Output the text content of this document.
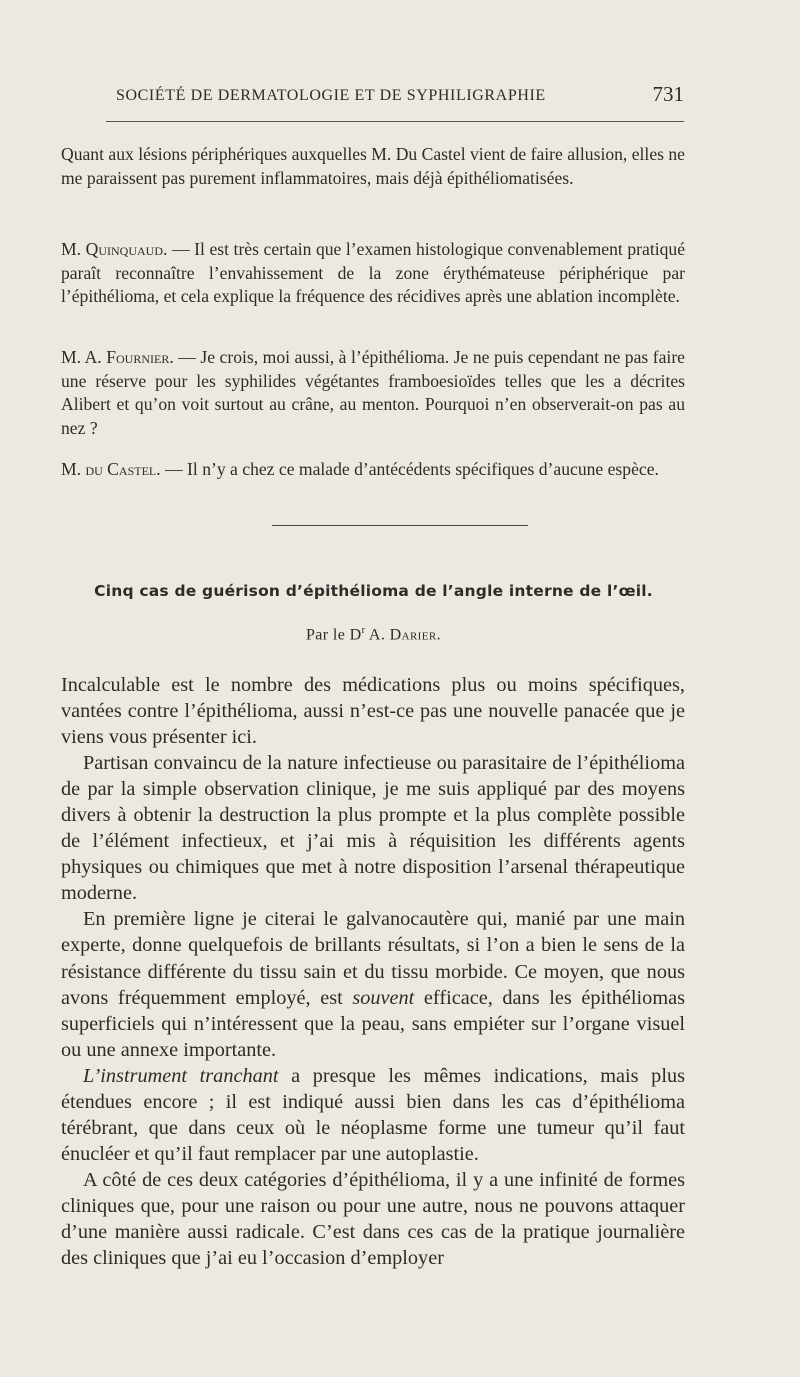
SOCIÉTÉ DE DERMATOLOGIE ET DE SYPHILIGRAPHIE	731

Quant aux lésions périphériques auxquelles M. Du Castel vient de faire allusion, elles ne me paraissent pas purement inflammatoires, mais déjà épithéliomatisées.

M. Quinquaud. — Il est très certain que l’examen histologique convenablement pratiqué paraît reconnaître l’envahissement de la zone érythémateuse périphérique par l’épithélioma, et cela explique la fréquence des récidives après une ablation incomplète.

M. A. Fournier. — Je crois, moi aussi, à l’épithélioma. Je ne puis cependant ne pas faire une réserve pour les syphilides végétantes framboesioïdes telles que les a décrites Alibert et qu’on voit surtout au crâne, au menton. Pourquoi n’en observerait-on pas au nez ?

M. du Castel. — Il n’y a chez ce malade d’antécédents spécifiques d’aucune espèce.

Cinq cas de guérison d’épithélioma de l’angle interne de l’œil.
Par le $D^r$ A. Darier.

Incalculable est le nombre des médications plus ou moins spécifiques, vantées contre l’épithélioma, aussi n’est-ce pas une nouvelle panacée que je viens vous présenter ici.

Partisan convaincu de la nature infectieuse ou parasitaire de l’épithélioma de par la simple observation clinique, je me suis appliqué par des moyens divers à obtenir la destruction la plus prompte et la plus complète possible de l’élément infectieux, et j’ai mis à réquisition les différents agents physiques ou chimiques que met à notre disposition l’arsenal thérapeutique moderne.

En première ligne je citerai le galvanocautère qui, manié par une main experte, donne quelquefois de brillants résultats, si l’on a bien le sens de la résistance différente du tissu sain et du tissu morbide. Ce moyen, que nous avons fréquemment employé, est souvent efficace, dans les épithéliomas superficiels qui n’intéressent que la peau, sans empiéter sur l’organe visuel ou une annexe importante.

L’instrument tranchant a presque les mêmes indications, mais plus étendues encore ; il est indiqué aussi bien dans les cas d’épithélioma térébrant, que dans ceux où le néoplasme forme une tumeur qu’il faut énucléer et qu’il faut remplacer par une autoplastie.

A côté de ces deux catégories d’épithélioma, il y a une infinité de formes cliniques que, pour une raison ou pour une autre, nous ne pouvons attaquer d’une manière aussi radicale. C’est dans ces cas de la pratique journalière des cliniques que j’ai eu l’occasion d’employer
